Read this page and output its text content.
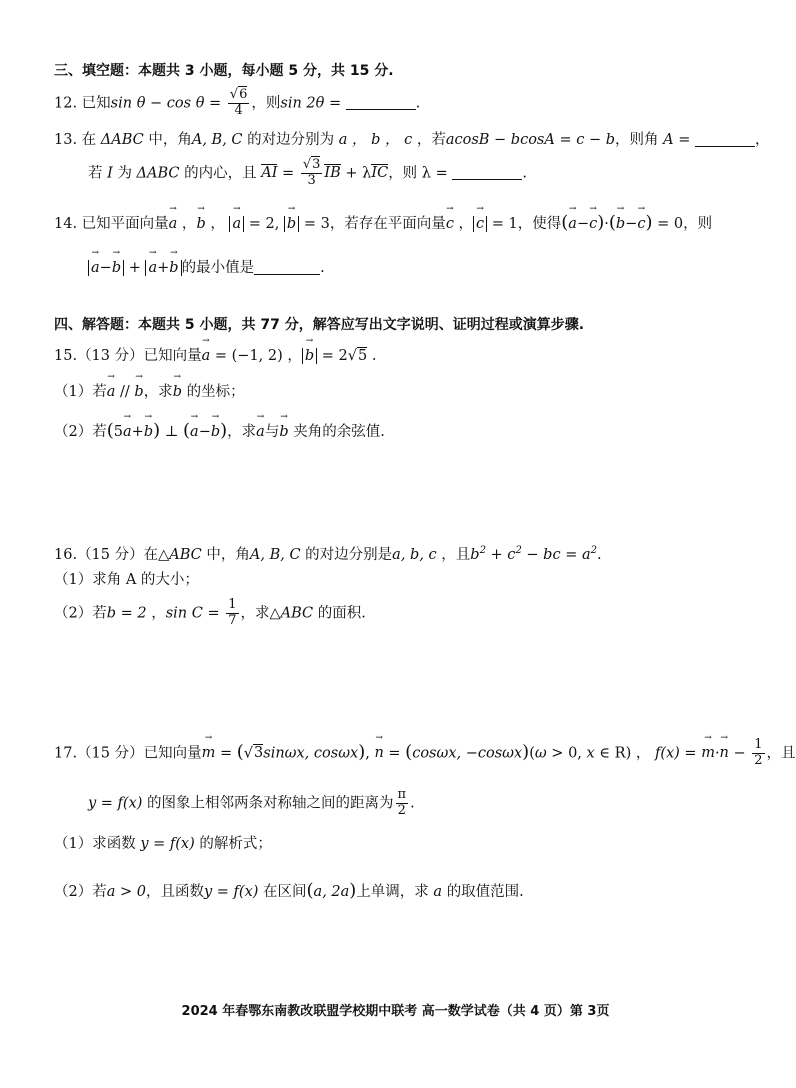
三、填空题：本题共 3 小题，每小题 5 分，共 15 分.
12. 已知$\sin \theta - \cos \theta = \frac{√6}{4}$ ，则sin 2θ =	.
13. 在 ΔABC 中，角A, B, C 的对边分别为 a ， b ， c ，若acosB − bcosA = c − b，则角 A =	，
若 I 为 ΔABC 的内心，且 AI = $\frac{√3}{3}$ IB + λIC，则 λ =	.
14. 已知平面向量→ a ，→ b ， → a = 2, → b = 3，若存在平面向量→ c ， → c = 1，使得(→ a−→ c)·(→ b−→ c) = 0，则
→ a−→ b + → a+→ b 的最小值是	.
四、解答题：本题共 5 小题，共 77 分，解答应写出文字说明、证明过程或演算步骤.
15.（13 分）已知向量→ a = (−1, 2) ， → b = 2√5 .
（1）若→ a // → b，求→ b 的坐标；
（2）若(5→ a+→ b) ⊥ (→ a−→ b)，求→ a与→ b 夹角的余弦值.
16.（15 分）在△ABC 中，角A, B, C 的对边分别是a, b, c ，且$b^2 + c^2$ − bc = $a^2$.
（1）求角 A 的大小；
（2）若b = 2 ，$\sin C = \frac{1}{7}$ ，求△ABC 的面积.
17.（15 分）已知向量→ m = (√3sinωx, cosωx), → n = (cosωx, −cosωx)(ω > 0, x ∈ R) ， f(x) = → $m\cdot\to n - \frac{1}{2}$ ，且
y = f(x) 的图象上相邻两条对称轴之间的距离为 $\frac{\pi}{2}$ .
（1）求函数 y = f(x) 的解析式；
（2）若a > 0，且函数y = f(x) 在区间(a, 2a)上单调，求 a 的取值范围.
2024 年春鄂东南教改联盟学校期中联考 高一数学试卷（共 4 页）第 3页
